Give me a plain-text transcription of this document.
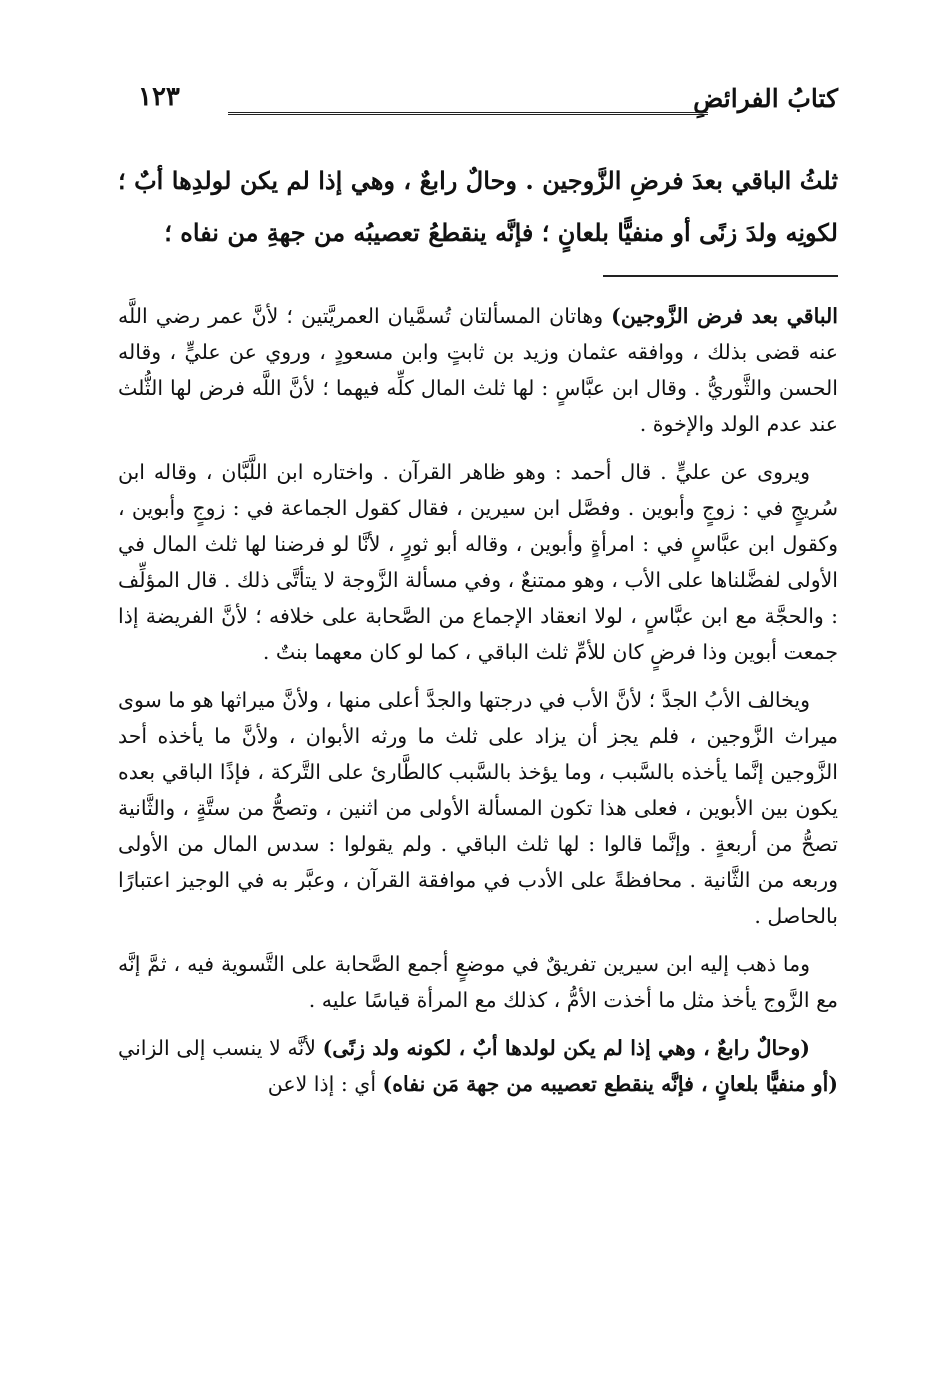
كتابُ الفرائضِ
١٢٣

ثلثُ الباقي بعدَ فرضِ الزَّوجين . وحالٌ رابعٌ ، وهي إذا لم يكن لولدِها أبٌ ؛ لكونِه ولدَ زنًى أو منفيًّا بلعانٍ ؛ فإنَّه ينقطعُ تعصيبُه من جهةِ من نفاه ؛

الباقي بعد فرض الزَّوجين) وهاتان المسألتان تُسمَّيان العمريَّتين ؛ لأنَّ عمر رضي اللَّه عنه قضى بذلك ، ووافقه عثمان وزيد بن ثابتٍ وابن مسعودٍ ، وروي عن عليٍّ ، وقاله الحسن والثَّوريُّ . وقال ابن عبَّاسٍ : لها ثلث المال كلِّه فيهما ؛ لأنَّ اللَّه فرض لها الثُّلث عند عدم الولد والإخوة .

ويروى عن عليٍّ . قال أحمد : وهو ظاهر القرآن . واختاره ابن اللَّبَّان ، وقاله ابن سُريجٍ في : زوجٍ وأبوين . وفصَّل ابن سيرين ، فقال كقول الجماعة في : زوجٍ وأبوين ، وكقول ابن عبَّاسٍ في : امرأةٍ وأبوين ، وقاله أبو ثورٍ ، لأنَّا لو فرضنا لها ثلث المال في الأولى لفضَّلناها على الأب ، وهو ممتنعٌ ، وفي مسألة الزَّوجة لا يتأتَّى ذلك . قال المؤلِّف : والحجَّة مع ابن عبَّاسٍ ، لولا انعقاد الإجماع من الصَّحابة على خلافه ؛ لأنَّ الفريضة إذا جمعت أبوين وذا فرضٍ كان للأمِّ ثلث الباقي ، كما لو كان معهما بنتٌ .

ويخالف الأبُ الجدَّ ؛ لأنَّ الأب في درجتها والجدَّ أعلى منها ، ولأنَّ ميراثها هو ما سوى ميراث الزَّوجين ، فلم يجز أن يزاد على ثلث ما ورثه الأبوان ، ولأنَّ ما يأخذه أحد الزَّوجين إنَّما يأخذه بالسَّبب ، وما يؤخذ بالسَّبب كالطَّارئ على التَّركة ، فإذًا الباقي بعده يكون بين الأبوين ، فعلى هذا تكون المسألة الأولى من اثنين ، وتصحُّ من ستَّةٍ ، والثَّانية تصحُّ من أربعةٍ . وإنَّما قالوا : لها ثلث الباقي . ولم يقولوا : سدس المال من الأولى وربعه من الثَّانية . محافظةً على الأدب في موافقة القرآن ، وعبَّر به في الوجيز اعتبارًا بالحاصل .

وما ذهب إليه ابن سيرين تفريقٌ في موضعٍ أجمع الصَّحابة على التَّسوية فيه ، ثمَّ إنَّه مع الزَّوج يأخذ مثل ما أخذت الأمُّ ، كذلك مع المرأة قياسًا عليه .

(وحالٌ رابعٌ ، وهي إذا لم يكن لولدها أبٌ ، لكونه ولد زنًى) لأنَّه لا ينسب إلى الزاني (أو منفيًّا بلعانٍ ، فإنَّه ينقطع تعصيبه من جهة مَن نفاه) أي : إذا لاعن
